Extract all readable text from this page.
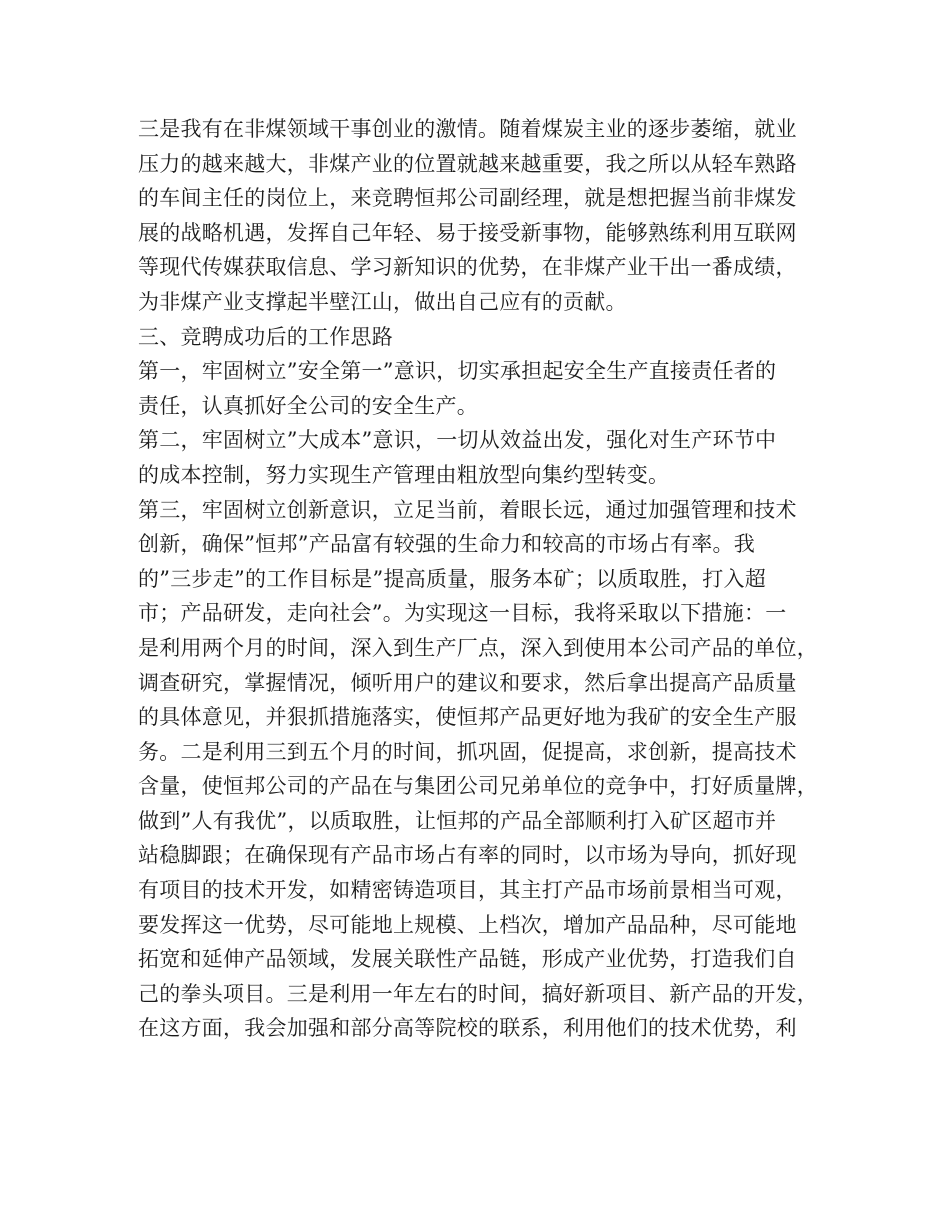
三是我有在非煤领域干事创业的激情。随着煤炭主业的逐步萎缩，就业
压力的越来越大，非煤产业的位置就越来越重要，我之所以从轻车熟路
的车间主任的岗位上，来竞聘恒邦公司副经理，就是想把握当前非煤发
展的战略机遇，发挥自己年轻、易于接受新事物，能够熟练利用互联网
等现代传媒获取信息、学习新知识的优势，在非煤产业干出一番成绩，
为非煤产业支撑起半壁江山，做出自己应有的贡献。
三、竞聘成功后的工作思路
第一，牢固树立”安全第一”意识，切实承担起安全生产直接责任者的
责任，认真抓好全公司的安全生产。
第二，牢固树立”大成本”意识，一切从效益出发，强化对生产环节中
的成本控制，努力实现生产管理由粗放型向集约型转变。
第三，牢固树立创新意识，立足当前，着眼长远，通过加强管理和技术
创新，确保”恒邦”产品富有较强的生命力和较高的市场占有率。我
的”三步走”的工作目标是”提高质量，服务本矿；以质取胜，打入超
市；产品研发，走向社会”。为实现这一目标，我将采取以下措施：一
是利用两个月的时间，深入到生产厂点，深入到使用本公司产品的单位，
调查研究，掌握情况，倾听用户的建议和要求，然后拿出提高产品质量
的具体意见，并狠抓措施落实，使恒邦产品更好地为我矿的安全生产服
务。二是利用三到五个月的时间，抓巩固，促提高，求创新，提高技术
含量，使恒邦公司的产品在与集团公司兄弟单位的竞争中，打好质量牌，
做到”人有我优”，以质取胜，让恒邦的产品全部顺利打入矿区超市并
站稳脚跟；在确保现有产品市场占有率的同时，以市场为导向，抓好现
有项目的技术开发，如精密铸造项目，其主打产品市场前景相当可观，
要发挥这一优势，尽可能地上规模、上档次，增加产品品种，尽可能地
拓宽和延伸产品领域，发展关联性产品链，形成产业优势，打造我们自
己的拳头项目。三是利用一年左右的时间，搞好新项目、新产品的开发，
在这方面，我会加强和部分高等院校的联系，利用他们的技术优势，利
